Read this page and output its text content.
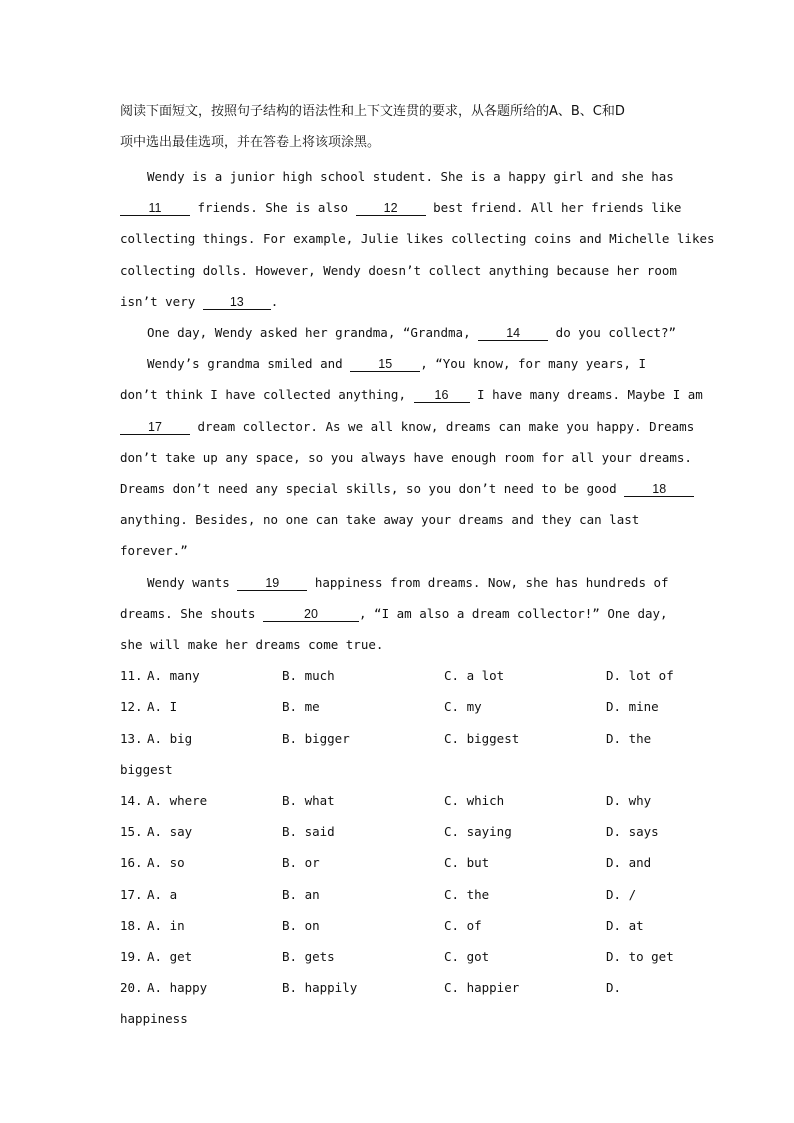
阅读下面短文，按照句子结构的语法性和上下文连贯的要求，从各题所给的A、B、C和D
项中选出最佳选项，并在答卷上将该项涂黑。
Wendy is a junior high school student. She is a happy girl and she has
11 friends. She is also 12 best friend. All her friends like
collecting things. For example, Julie likes collecting coins and Michelle likes
collecting dolls. However, Wendy doesn’t collect anything because her room
isn’t very 13 .
One day, Wendy asked her grandma, “Grandma, 14 do you collect?”
Wendy’s grandma smiled and 15 , “You know, for many years, I
don’t think I have collected anything, 16 I have many dreams. Maybe I am
17 dream collector. As we all know, dreams can make you happy. Dreams
don’t take up any space, so you always have enough room for all your dreams.
Dreams don’t need any special skills, so you don’t need to be good 18
anything. Besides, no one can take away your dreams and they can last
forever.”
Wendy wants 19 happiness from dreams. Now, she has hundreds of
dreams. She shouts	20	, “I am also a dream collector!” One day,
she will make her dreams come true.
11. A. many	B. much	C. a lot	D. lot of
12. A. I	B. me	C. my	D. mine
13. A. big	B. bigger	C. biggest	D. the
biggest
14. A. where	B. what	C. which	D. why
15. A. say	B. said	C. saying	D. says
16. A. so	B. or	C. but	D. and
17. A. a	B. an	C. the	D. /
18. A. in	B. on	C. of	D. at
19. A. get	B. gets	C. got	D. to get
20. A. happy	B. happily	C. happier	D.
happiness
